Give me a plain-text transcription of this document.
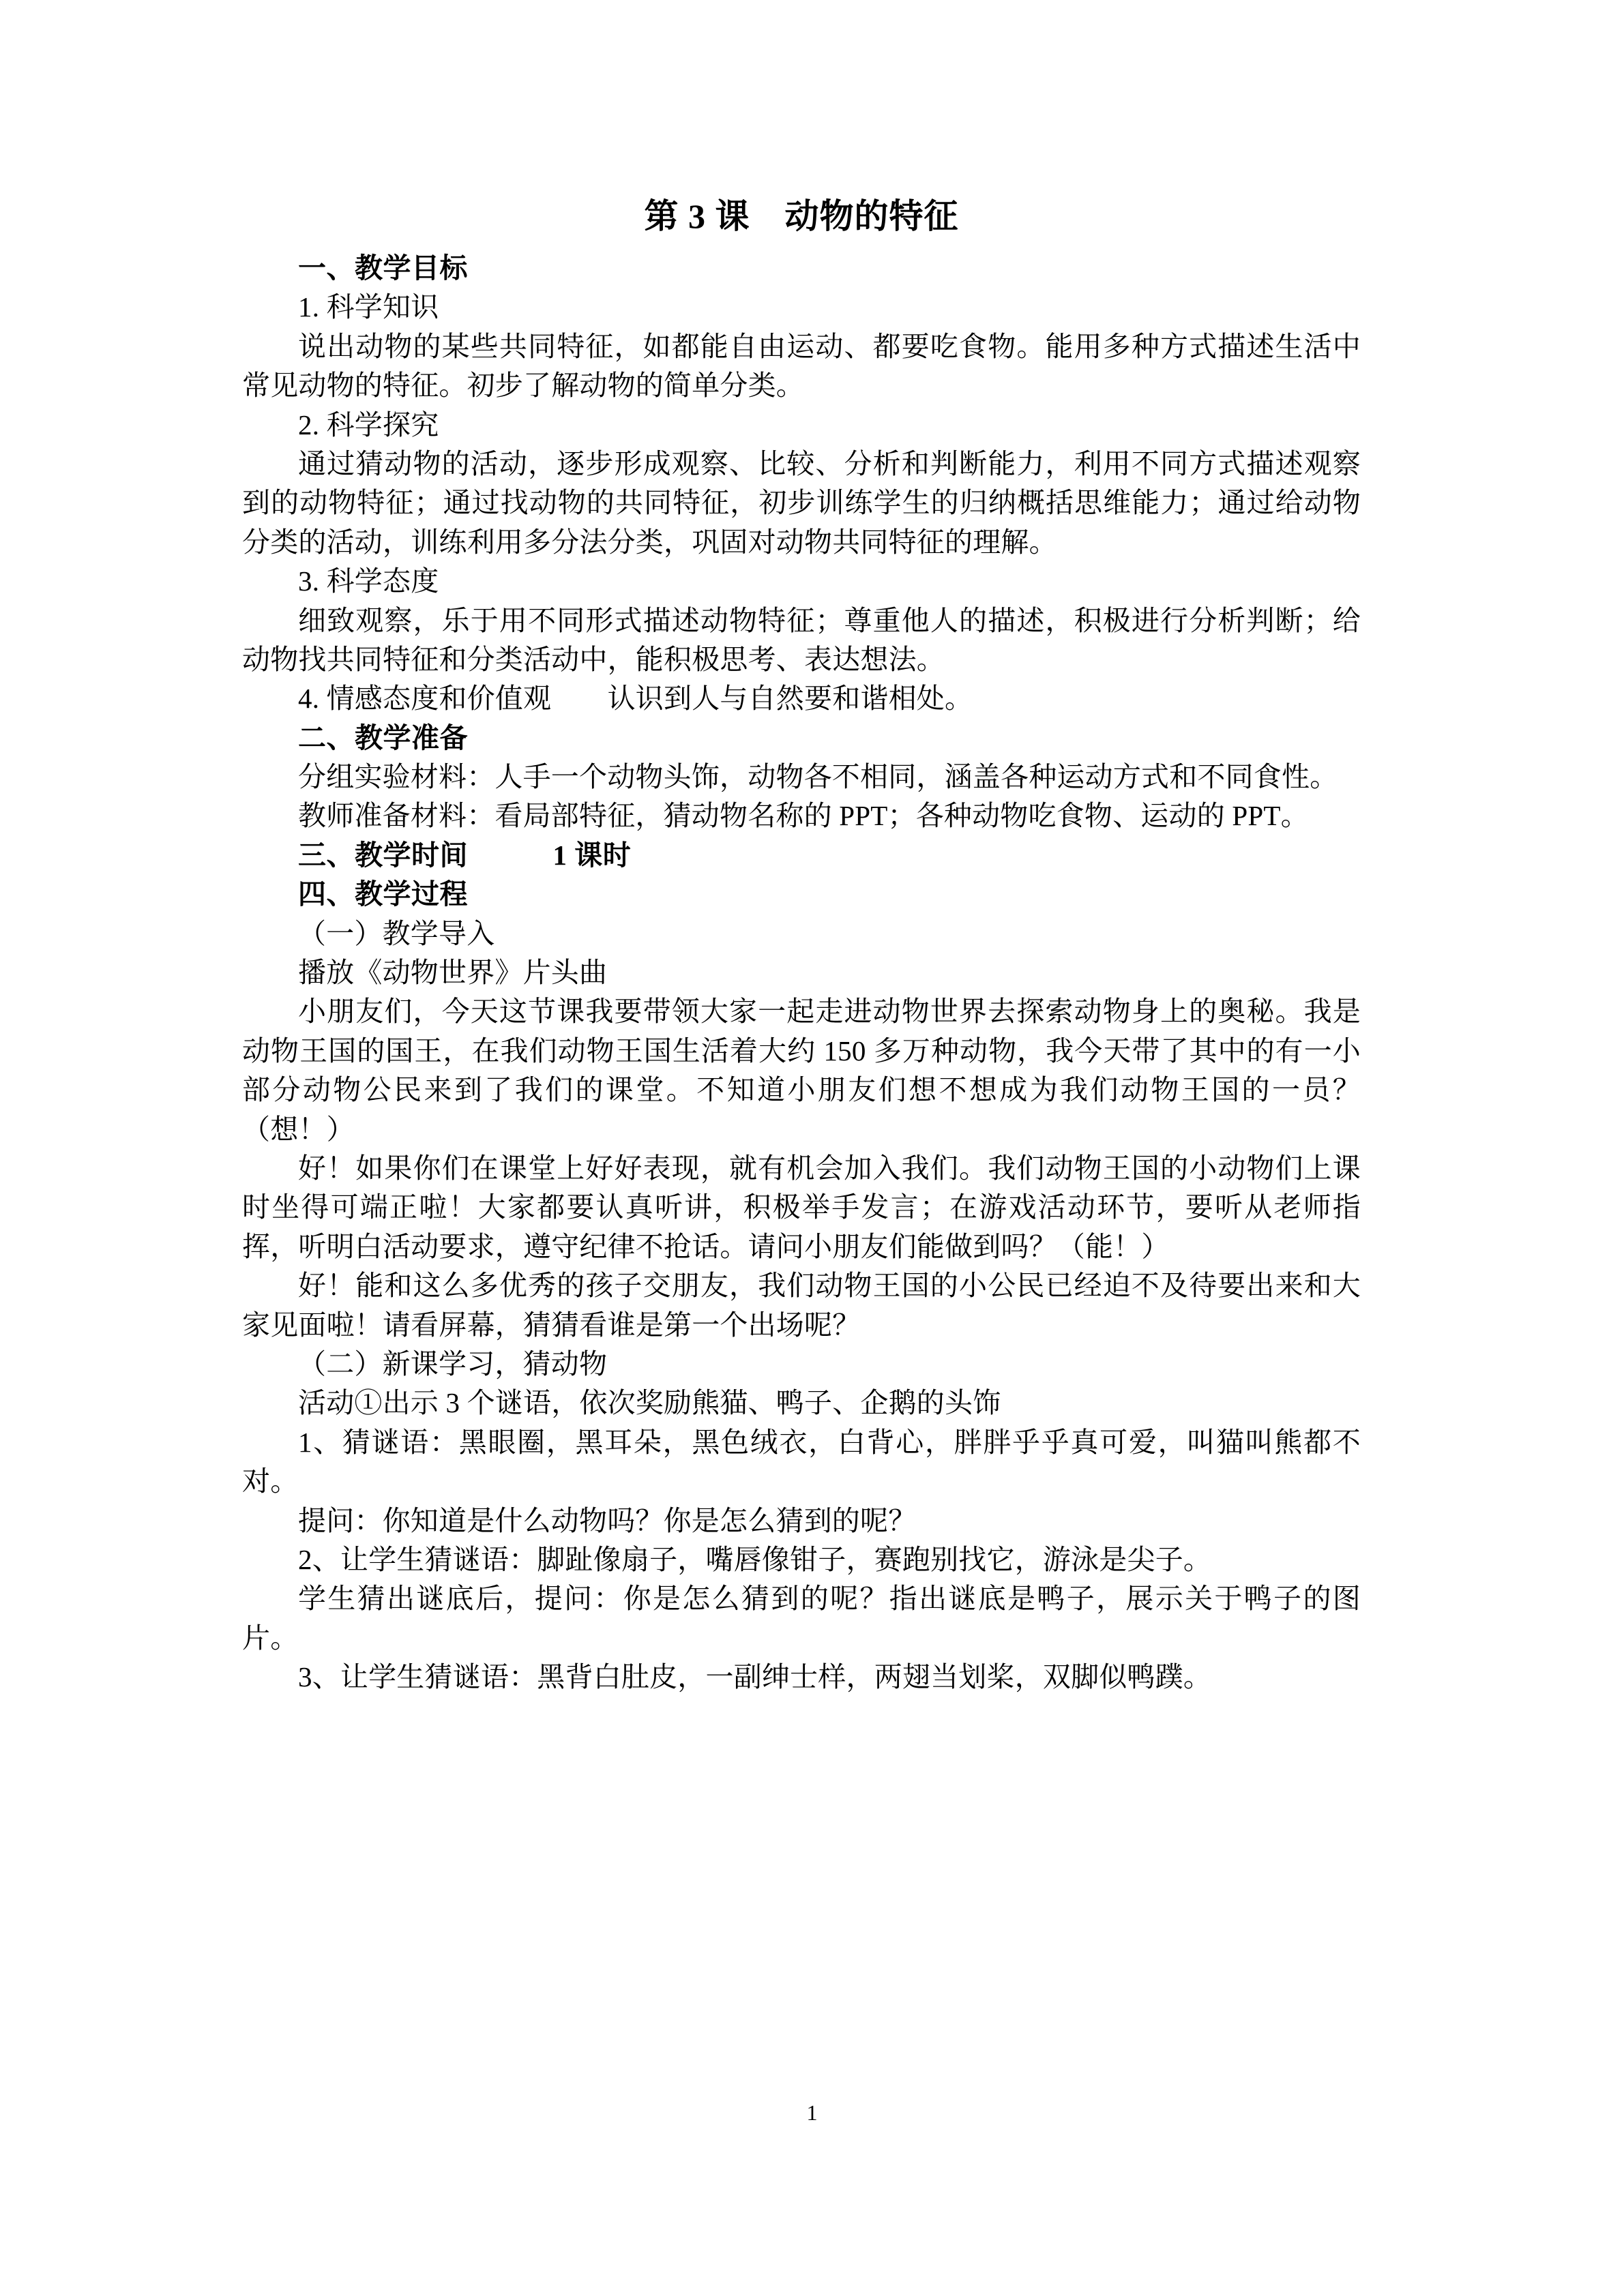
第 3 课　动物的特征

一、教学目标

1. 科学知识

说出动物的某些共同特征，如都能自由运动、都要吃食物。能用多种方式描述生活中常见动物的特征。初步了解动物的简单分类。

2. 科学探究

通过猜动物的活动，逐步形成观察、比较、分析和判断能力，利用不同方式描述观察到的动物特征；通过找动物的共同特征，初步训练学生的归纳概括思维能力；通过给动物分类的活动，训练利用多分法分类，巩固对动物共同特征的理解。

3. 科学态度

细致观察，乐于用不同形式描述动物特征；尊重他人的描述，积极进行分析判断；给动物找共同特征和分类活动中，能积极思考、表达想法。

4. 情感态度和价值观　　认识到人与自然要和谐相处。

二、教学准备

分组实验材料：人手一个动物头饰，动物各不相同，涵盖各种运动方式和不同食性。

教师准备材料：看局部特征，猜动物名称的 PPT；各种动物吃食物、运动的 PPT。

三、教学时间　　　1 课时

四、教学过程

（一）教学导入

播放《动物世界》片头曲

小朋友们，今天这节课我要带领大家一起走进动物世界去探索动物身上的奥秘。我是动物王国的国王，在我们动物王国生活着大约 150 多万种动物，我今天带了其中的有一小部分动物公民来到了我们的课堂。不知道小朋友们想不想成为我们动物王国的一员？（想！）

好！如果你们在课堂上好好表现，就有机会加入我们。我们动物王国的小动物们上课时坐得可端正啦！大家都要认真听讲，积极举手发言；在游戏活动环节，要听从老师指挥，听明白活动要求，遵守纪律不抢话。请问小朋友们能做到吗？（能！）

好！能和这么多优秀的孩子交朋友，我们动物王国的小公民已经迫不及待要出来和大家见面啦！请看屏幕，猜猜看谁是第一个出场呢？

（二）新课学习，猜动物

活动①出示 3 个谜语，依次奖励熊猫、鸭子、企鹅的头饰

1、猜谜语：黑眼圈，黑耳朵，黑色绒衣，白背心，胖胖乎乎真可爱，叫猫叫熊都不对。

提问：你知道是什么动物吗？你是怎么猜到的呢？

2、让学生猜谜语：脚趾像扇子，嘴唇像钳子，赛跑别找它，游泳是尖子。

学生猜出谜底后，提问：你是怎么猜到的呢？指出谜底是鸭子，展示关于鸭子的图片。

3、让学生猜谜语：黑背白肚皮，一副绅士样，两翅当划桨，双脚似鸭蹼。

1
